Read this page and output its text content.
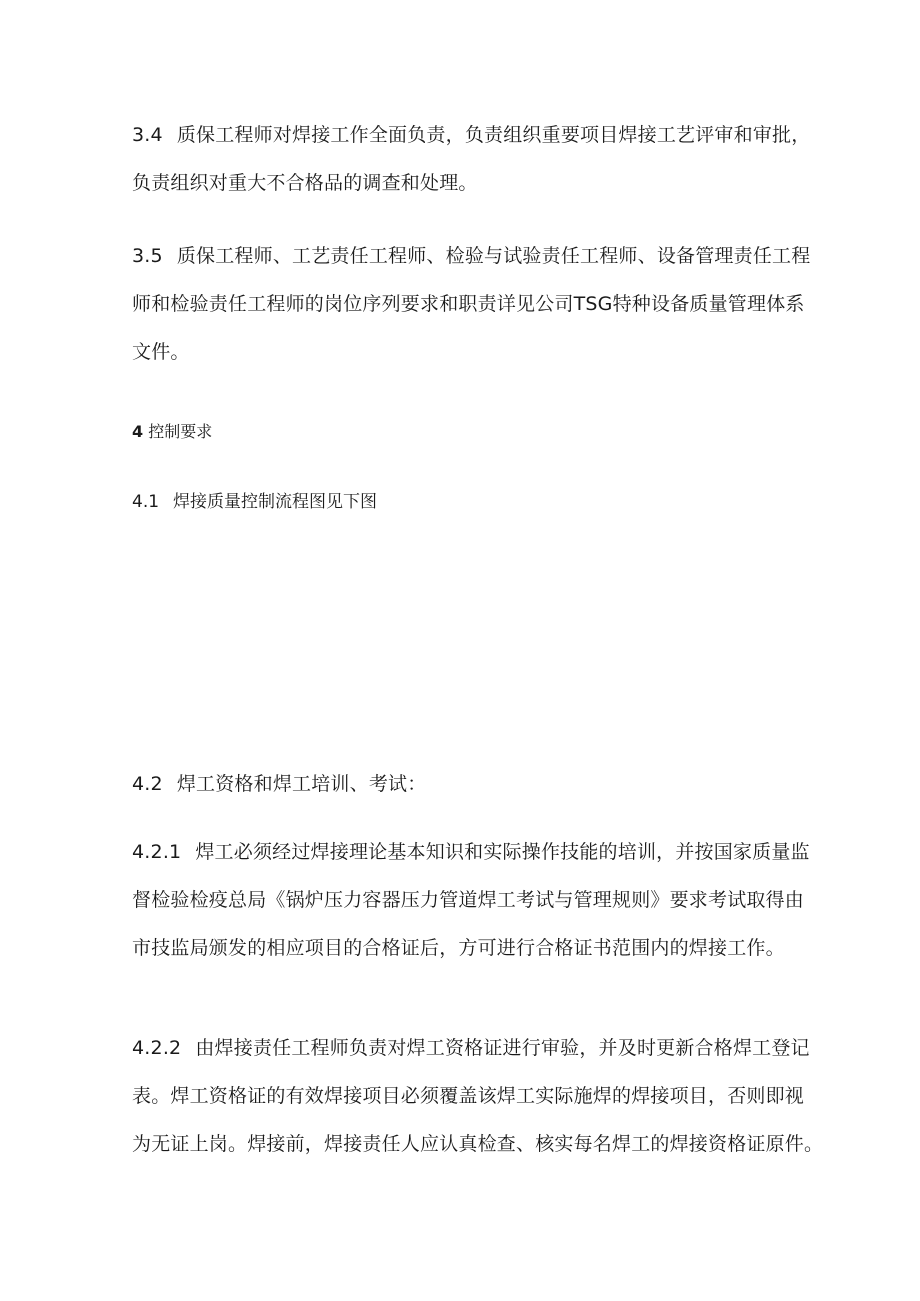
3.4 质保工程师对焊接工作全面负责，负责组织重要项目焊接工艺评审和审批，
负责组织对重大不合格品的调查和处理。
3.5 质保工程师、工艺责任工程师、检验与试验责任工程师、设备管理责任工程
师和检验责任工程师的岗位序列要求和职责详见公司TSG特种设备质量管理体系
文件。
4 控制要求
4.1 焊接质量控制流程图见下图
4.2 焊工资格和焊工培训、考试：
4.2.1 焊工必须经过焊接理论基本知识和实际操作技能的培训，并按国家质量监
督检验检疫总局《锅炉压力容器压力管道焊工考试与管理规则》要求考试取得由
市技监局颁发的相应项目的合格证后，方可进行合格证书范围内的焊接工作。
4.2.2 由焊接责任工程师负责对焊工资格证进行审验，并及时更新合格焊工登记
表。焊工资格证的有效焊接项目必须覆盖该焊工实际施焊的焊接项目，否则即视
为无证上岗。焊接前，焊接责任人应认真检查、核实每名焊工的焊接资格证原件。
